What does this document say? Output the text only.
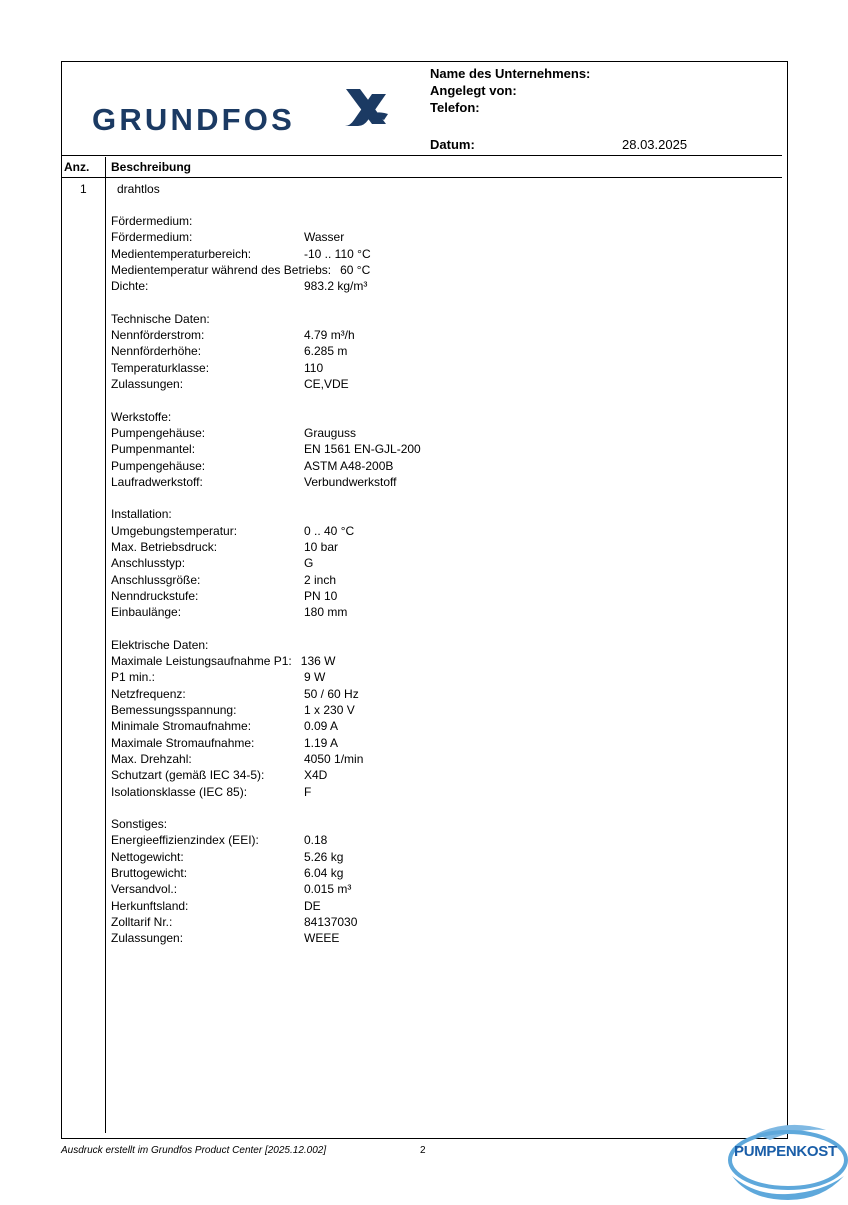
GRUNDFOS
Name des Unternehmens:
Angelegt von:
Telefon:
Datum:	28.03.2025
Anz. Beschreibung
1	drahtlos
Fördermedium:
Fördermedium:	Wasser
Medientemperaturbereich:	-10 .. 110 °C
Medientemperatur während des Betriebs: 60 °C
Dichte:	983.2 kg/m³
Technische Daten:
Nennförderstrom:	4.79 m³/h
Nennförderhöhe:	6.285 m
Temperaturklasse:	110
Zulassungen:	CE,VDE
Werkstoffe:
Pumpengehäuse:	Grauguss
Pumpenmantel:	EN 1561 EN-GJL-200
Pumpengehäuse:	ASTM A48-200B
Laufradwerkstoff:	Verbundwerkstoff
Installation:
Umgebungstemperatur:	0 .. 40 °C
Max. Betriebsdruck:	10 bar
Anschlusstyp:	G
Anschlussgröße:	2 inch
Nenndruckstufe:	PN 10
Einbaulänge:	180 mm
Elektrische Daten:
Maximale Leistungsaufnahme P1: 136 W
P1 min.:	9 W
Netzfrequenz:	50 / 60 Hz
Bemessungsspannung:	1 x 230 V
Minimale Stromaufnahme:	0.09 A
Maximale Stromaufnahme:	1.19 A
Max. Drehzahl:	4050 1/min
Schutzart (gemäß IEC 34-5):	X4D
Isolationsklasse (IEC 85):	F
Sonstiges:
Energieeffizienzindex (EEI):	0.18
Nettogewicht:	5.26 kg
Bruttogewicht:	6.04 kg
Versandvol.:	0.015 m³
Herkunftsland:	DE
Zolltarif Nr.:	84137030
Zulassungen:	WEEE
Ausdruck erstellt im Grundfos Product Center [2025.12.002]	2	PUMPENKOST
